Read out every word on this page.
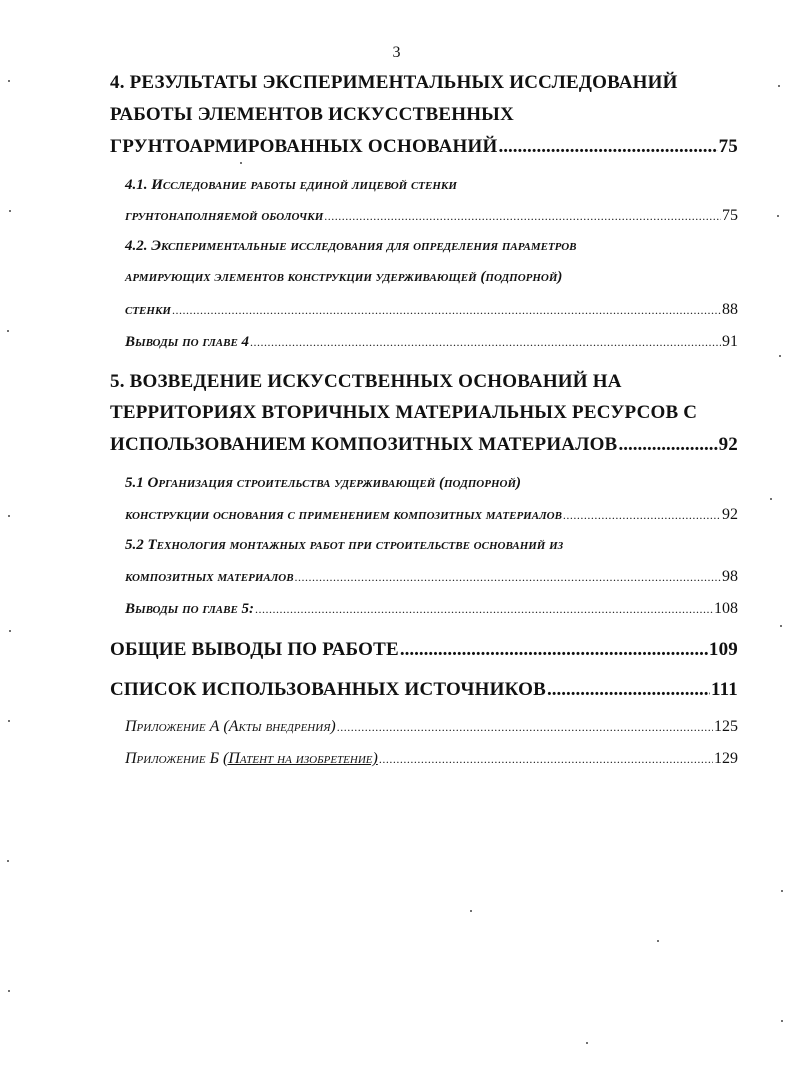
3
4. РЕЗУЛЬТАТЫ ЭКСПЕРИМЕНТАЛЬНЫХ ИССЛЕДОВАНИЙ
РАБОТЫ ЭЛЕМЕНТОВ ИСКУССТВЕННЫХ
ГРУНТОАРМИРОВАННЫХ ОСНОВАНИЙ .....	75
4.1. Исследование работы единой лицевой стенки
грунтонаполняемой оболочки .....	75
4.2. Экспериментальные исследования для определения параметров
армирующих элементов конструкции удерживающей (подпорной)
стенки .....	88
Выводы по главе 4 .....	91
5. ВОЗВЕДЕНИЕ ИСКУССТВЕННЫХ ОСНОВАНИЙ НА
ТЕРРИТОРИЯХ ВТОРИЧНЫХ МАТЕРИАЛЬНЫХ РЕСУРСОВ С
ИСПОЛЬЗОВАНИЕМ КОМПОЗИТНЫХ МАТЕРИАЛОВ .....	92
5.1 Организация строительства удерживающей (подпорной)
конструкции основания с применением композитных материалов .....	92
5.2 Технология монтажных работ при строительстве оснований из
композитных материалов .....	98
Выводы по главе 5: .....	108
ОБЩИЕ ВЫВОДЫ ПО РАБОТЕ .....	109
СПИСОК ИСПОЛЬЗОВАННЫХ ИСТОЧНИКОВ .....	111
Приложение А (Акты внедрения) .....	125
Приложение Б
(Патент на изобретение) .....	129
